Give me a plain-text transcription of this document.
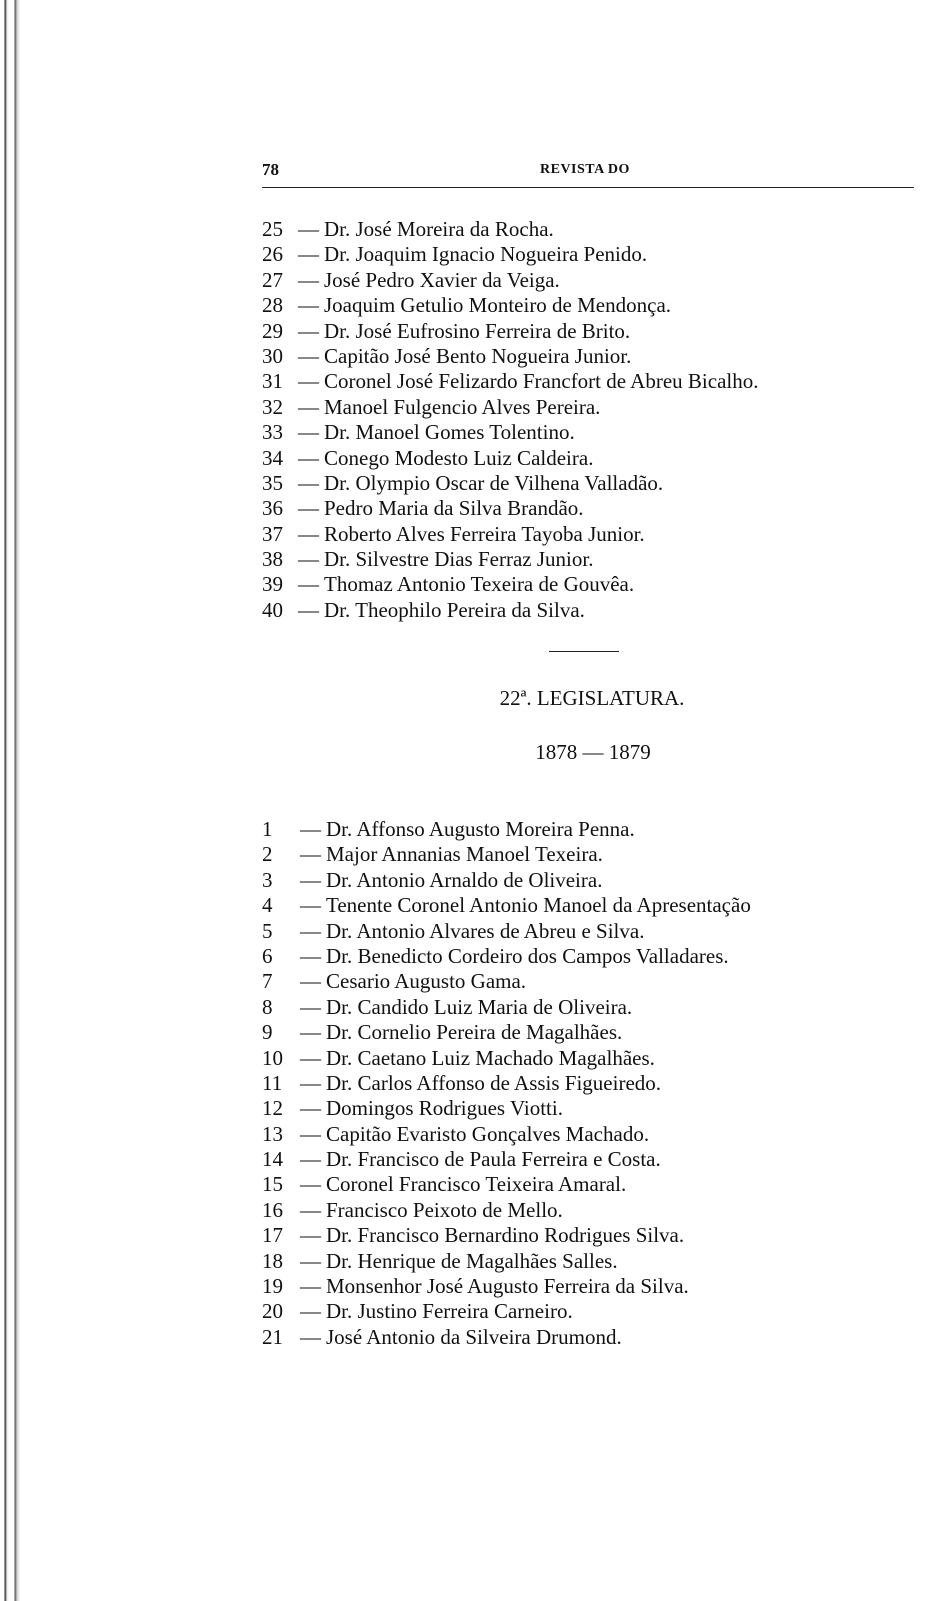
78	REVISTA DO
25 — Dr. José Moreira da Rocha.
26 — Dr. Joaquim Ignacio Nogueira Penido.
27 — José Pedro Xavier da Veiga.
28 — Joaquim Getulio Monteiro de Mendonça.
29 — Dr. José Eufrosino Ferreira de Brito.
30 — Capitão José Bento Nogueira Junior.
31 — Coronel José Felizardo Francfort de Abreu Bicalho.
32 — Manoel Fulgencio Alves Pereira.
33 — Dr. Manoel Gomes Tolentino.
34 — Conego Modesto Luiz Caldeira.
35 — Dr. Olympio Oscar de Vilhena Valladão.
36 — Pedro Maria da Silva Brandão.
37 — Roberto Alves Ferreira Tayoba Junior.
38 — Dr. Silvestre Dias Ferraz Junior.
39 — Thomaz Antonio Texeira de Gouvêa.
40 — Dr. Theophilo Pereira da Silva.
22ª. LEGISLATURA.
1878 — 1879
1 — Dr. Affonso Augusto Moreira Penna.
2 — Major Annanias Manoel Texeira.
3 — Dr. Antonio Arnaldo de Oliveira.
4 — Tenente Coronel Antonio Manoel da Apresentação
5 — Dr. Antonio Alvares de Abreu e Silva.
6 — Dr. Benedicto Cordeiro dos Campos Valladares.
7 — Cesario Augusto Gama.
8 — Dr. Candido Luiz Maria de Oliveira.
9 — Dr. Cornelio Pereira de Magalhães.
10 — Dr. Caetano Luiz Machado Magalhães.
11 — Dr. Carlos Affonso de Assis Figueiredo.
12 — Domingos Rodrigues Viotti.
13 — Capitão Evaristo Gonçalves Machado.
14 — Dr. Francisco de Paula Ferreira e Costa.
15 — Coronel Francisco Teixeira Amaral.
16 — Francisco Peixoto de Mello.
17 — Dr. Francisco Bernardino Rodrigues Silva.
18 — Dr. Henrique de Magalhães Salles.
19 — Monsenhor José Augusto Ferreira da Silva.
20 — Dr. Justino Ferreira Carneiro.
21 — José Antonio da Silveira Drumond.
